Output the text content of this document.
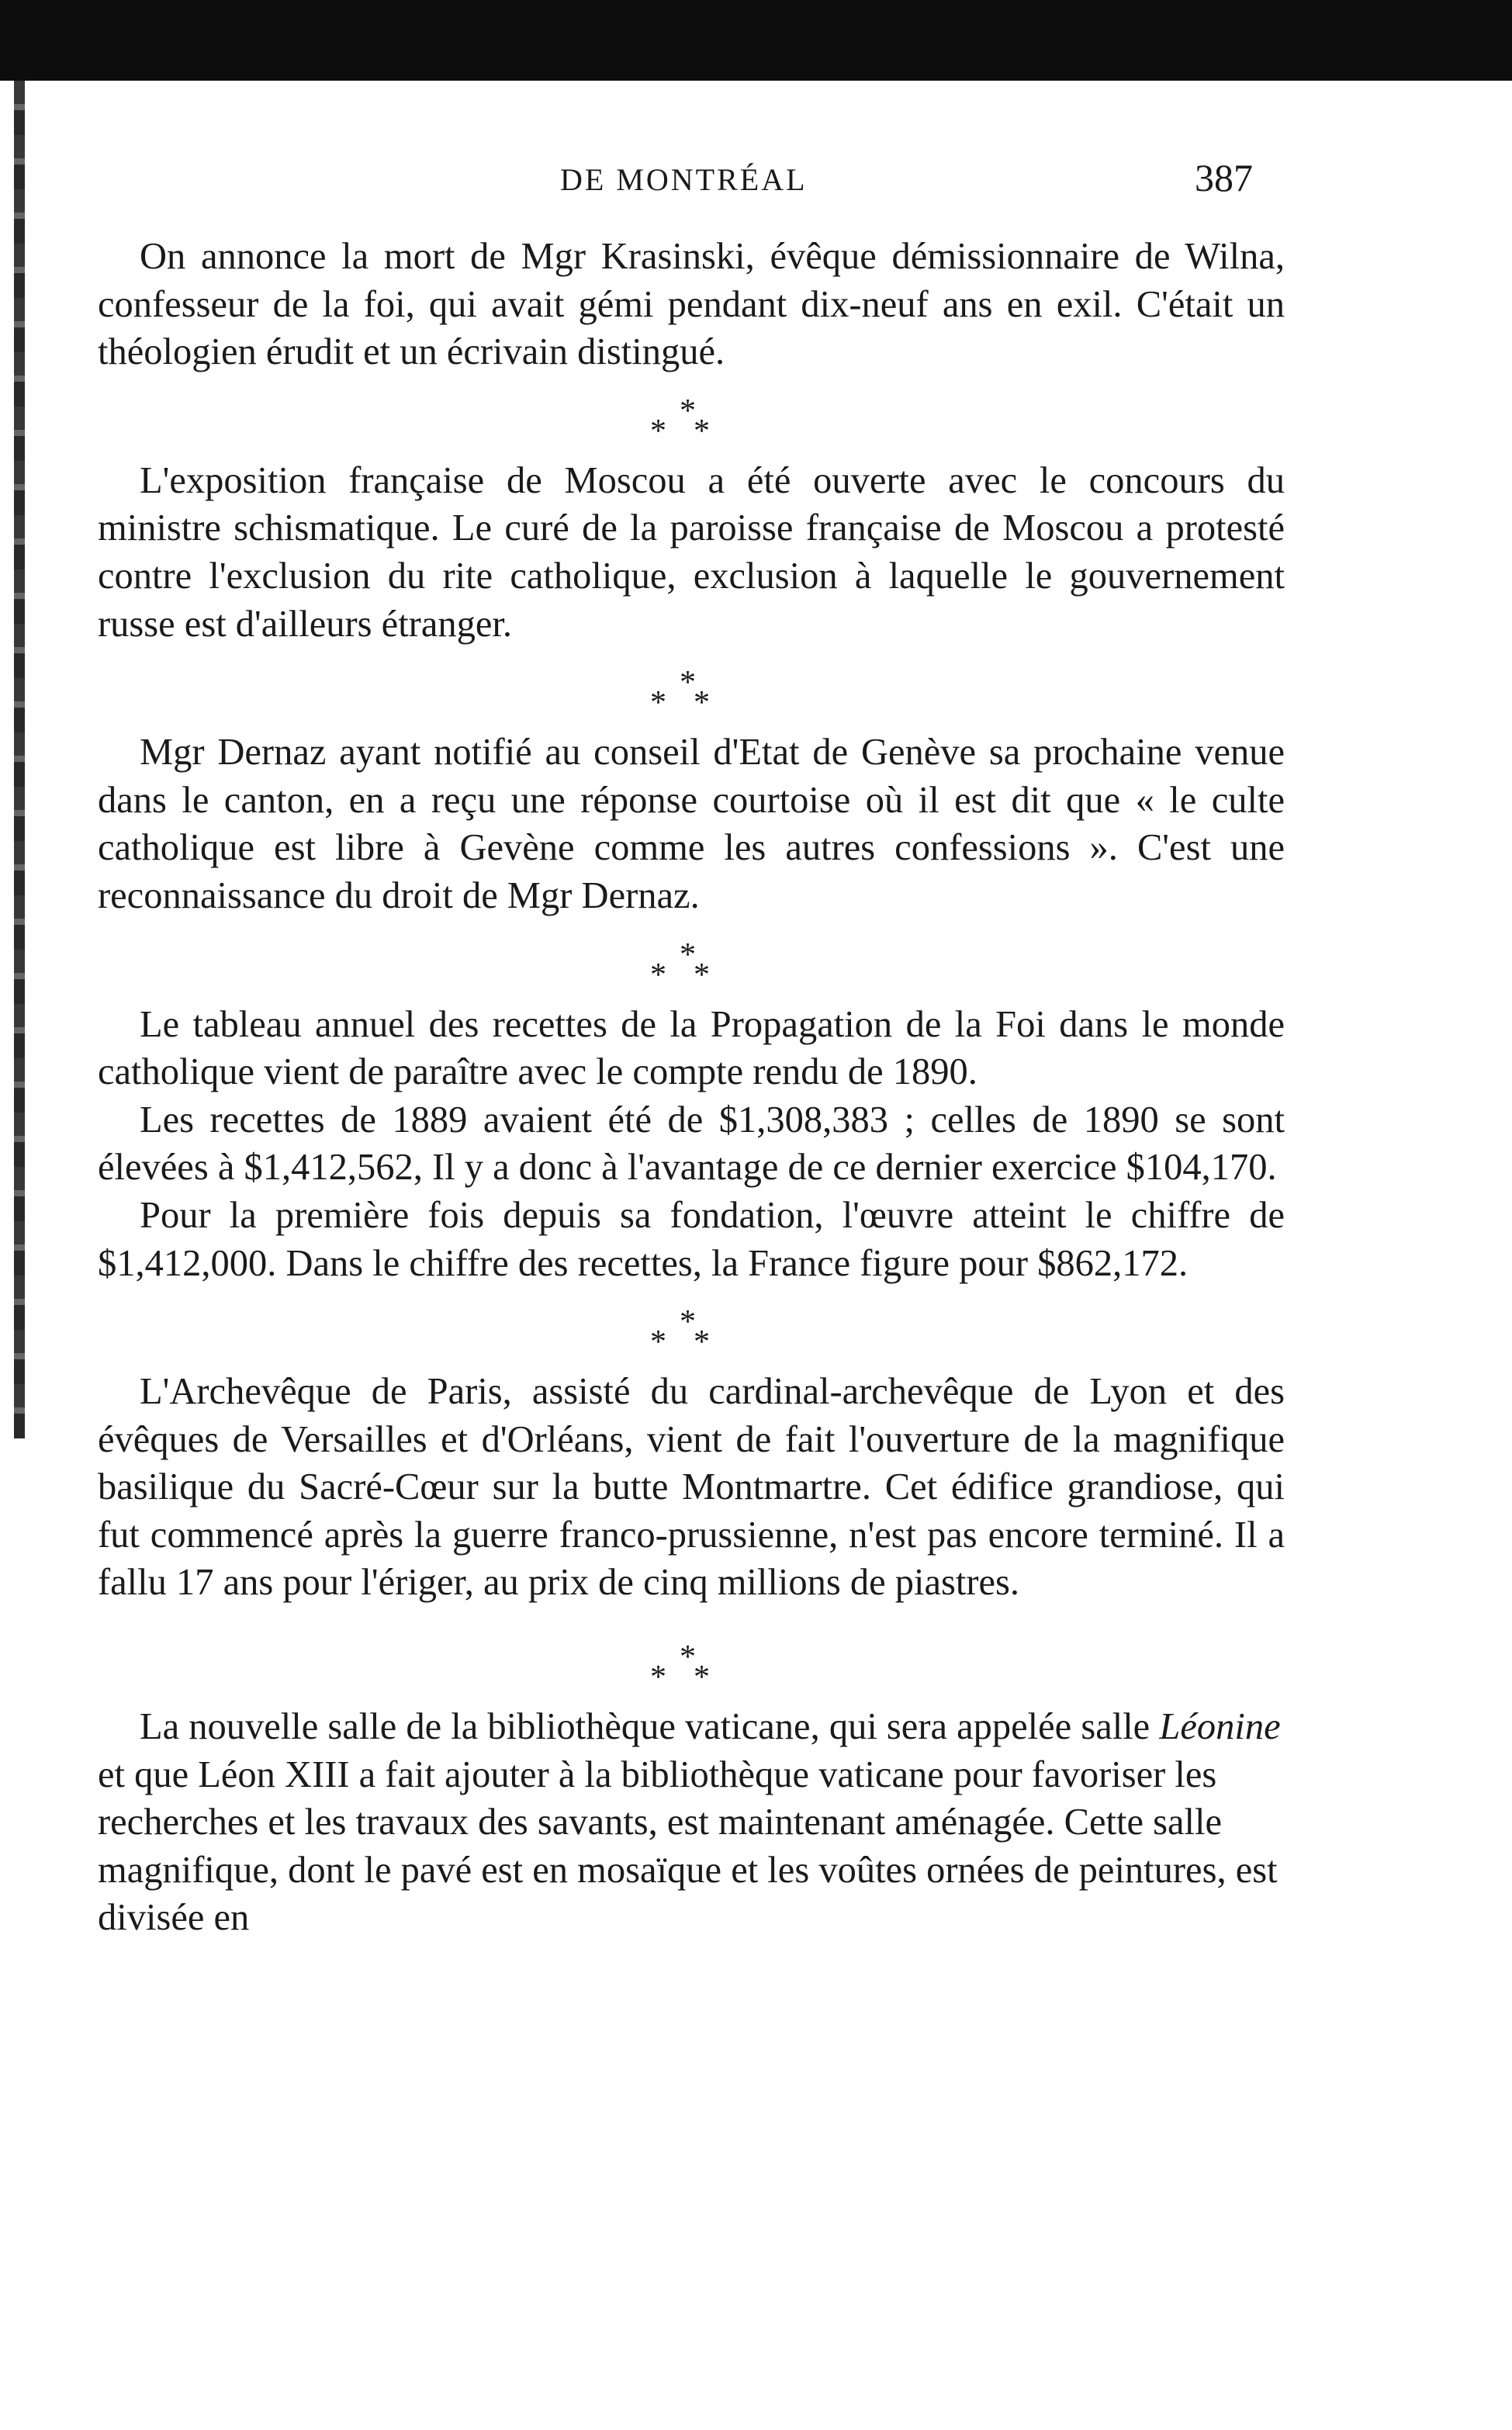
DE MONTRÉAL	387

On annonce la mort de Mgr Krasinski, évêque démissionnaire de Wilna, confesseur de la foi, qui avait gémi pendant dix-neuf ans en exil. C'était un théologien érudit et un écrivain distingué.

*
* *

L'exposition française de Moscou a été ouverte avec le concours du ministre schismatique. Le curé de la paroisse française de Moscou a protesté contre l'exclusion du rite catholique, exclusion à laquelle le gouvernement russe est d'ailleurs étranger.

*
* *

Mgr Dernaz ayant notifié au conseil d'Etat de Genève sa prochaine venue dans le canton, en a reçu une réponse courtoise où il est dit que « le culte catholique est libre à Gevène comme les autres confessions ». C'est une reconnaissance du droit de Mgr Dernaz.

*
* *

Le tableau annuel des recettes de la Propagation de la Foi dans le monde catholique vient de paraître avec le compte rendu de 1890.

Les recettes de 1889 avaient été de $1,308,383 ; celles de 1890 se sont élevées à $1,412,562, Il y a donc à l'avantage de ce dernier exercice $104,170.

Pour la première fois depuis sa fondation, l'œuvre atteint le chiffre de $1,412,000. Dans le chiffre des recettes, la France figure pour $862,172.

*
* *

L'Archevêque de Paris, assisté du cardinal-archevêque de Lyon et des évêques de Versailles et d'Orléans, vient de fait l'ouverture de la magnifique basilique du Sacré-Cœur sur la butte Montmartre. Cet édifice grandiose, qui fut commencé après la guerre franco-prussienne, n'est pas encore terminé. Il a fallu 17 ans pour l'ériger, au prix de cinq millions de piastres.

*
* *

La nouvelle salle de la bibliothèque vaticane, qui sera appelée salle Léonine et que Léon XIII a fait ajouter à la bibliothèque vaticane pour favoriser les recherches et les travaux des savants, est maintenant aménagée. Cette salle magnifique, dont le pavé est en mosaïque et les voûtes ornées de peintures, est divisée en
